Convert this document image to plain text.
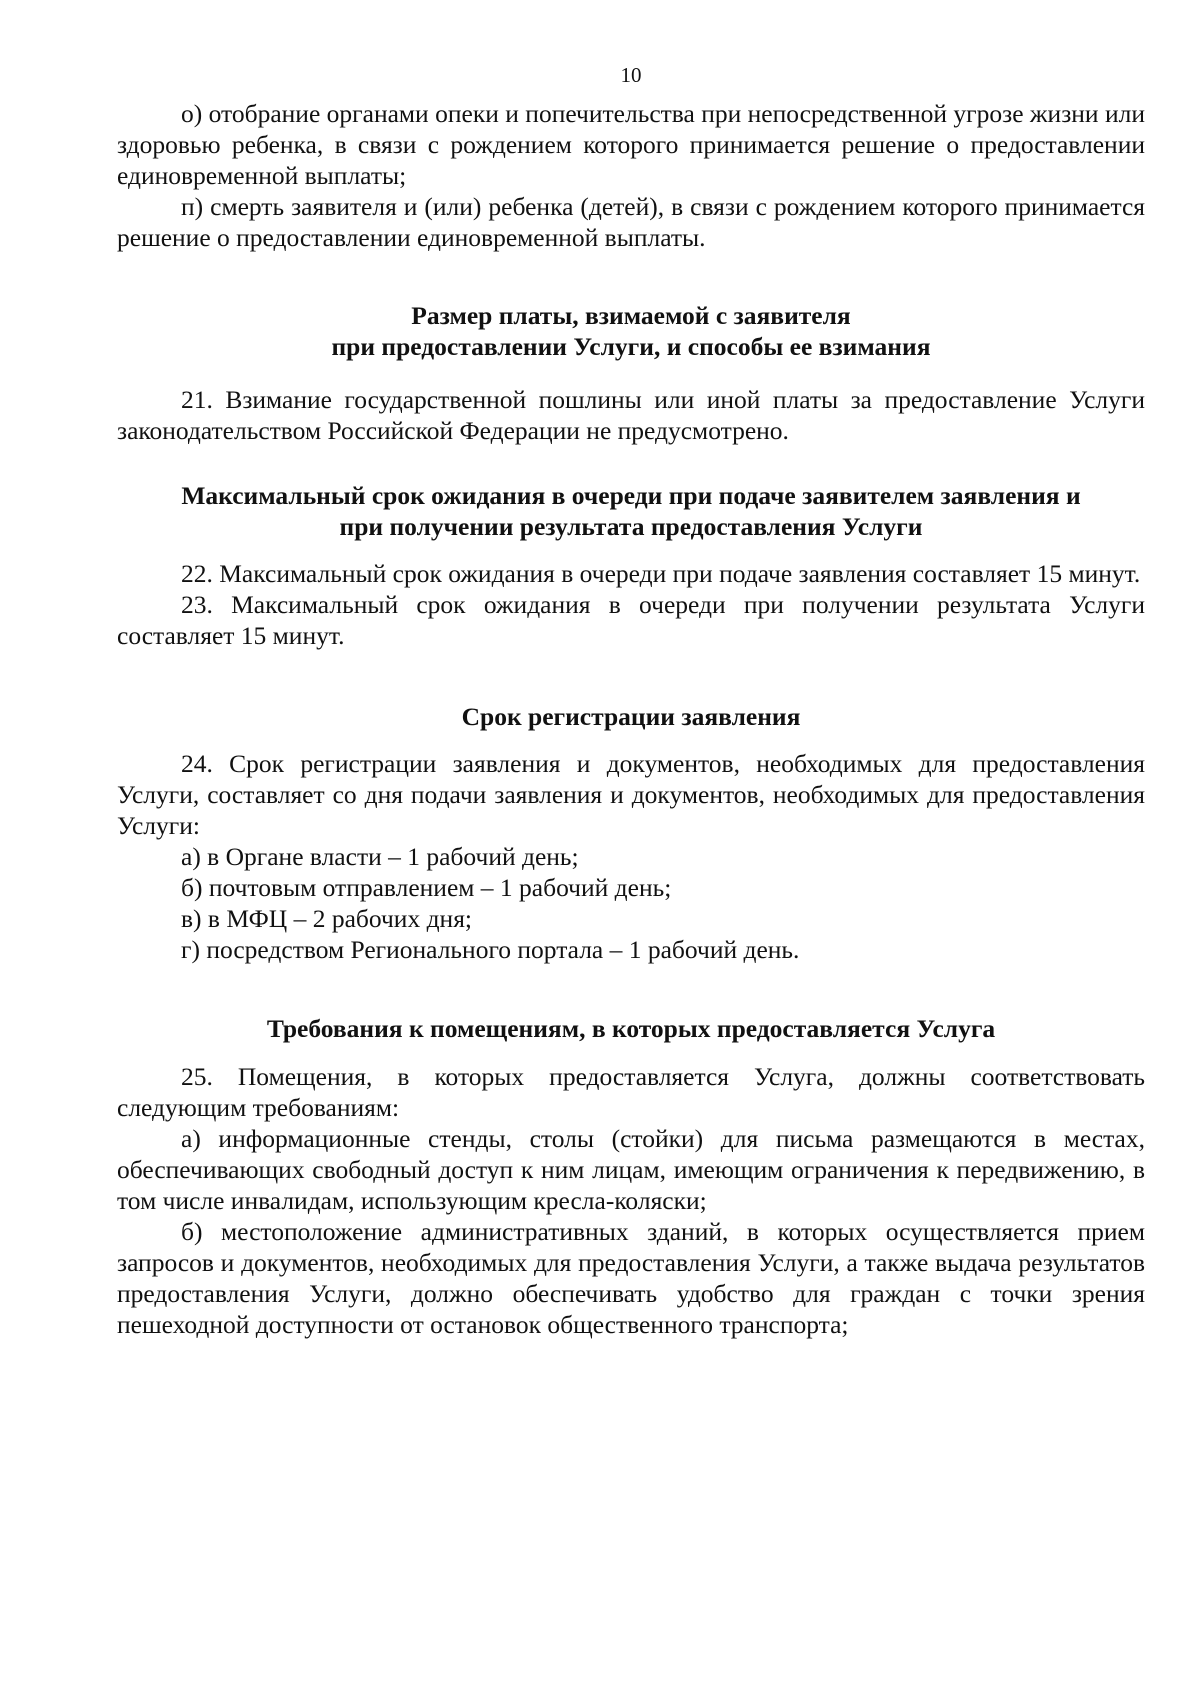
10

о) отобрание органами опеки и попечительства при непосредственной угрозе жизни или здоровью ребенка, в связи с рождением которого принимается решение о предоставлении единовременной выплаты;

п) смерть заявителя и (или) ребенка (детей), в связи с рождением которого принимается решение о предоставлении единовременной выплаты.

Размер платы, взимаемой с заявителя
при предоставлении Услуги, и способы ее взимания

21. Взимание государственной пошлины или иной платы за предоставление Услуги законодательством Российской Федерации не предусмотрено.

Максимальный срок ожидания в очереди при подаче заявителем заявления и
при получении результата предоставления Услуги

22. Максимальный срок ожидания в очереди при подаче заявления составляет 15 минут.

23. Максимальный срок ожидания в очереди при получении результата Услуги составляет 15 минут.

Срок регистрации заявления

24. Срок регистрации заявления и документов, необходимых для предоставления Услуги, составляет со дня подачи заявления и документов, необходимых для предоставления Услуги:

а) в Органе власти – 1 рабочий день;

б) почтовым отправлением – 1 рабочий день;

в) в МФЦ – 2 рабочих дня;

г) посредством Регионального портала – 1 рабочий день.

Требования к помещениям, в которых предоставляется Услуга

25. Помещения, в которых предоставляется Услуга, должны соответствовать следующим требованиям:

а) информационные стенды, столы (стойки) для письма размещаются в местах, обеспечивающих свободный доступ к ним лицам, имеющим ограничения к передвижению, в том числе инвалидам, использующим кресла-коляски;

б) местоположение административных зданий, в которых осуществляется прием запросов и документов, необходимых для предоставления Услуги, а также выдача результатов предоставления Услуги, должно обеспечивать удобство для граждан с точки зрения пешеходной доступности от остановок общественного транспорта;
